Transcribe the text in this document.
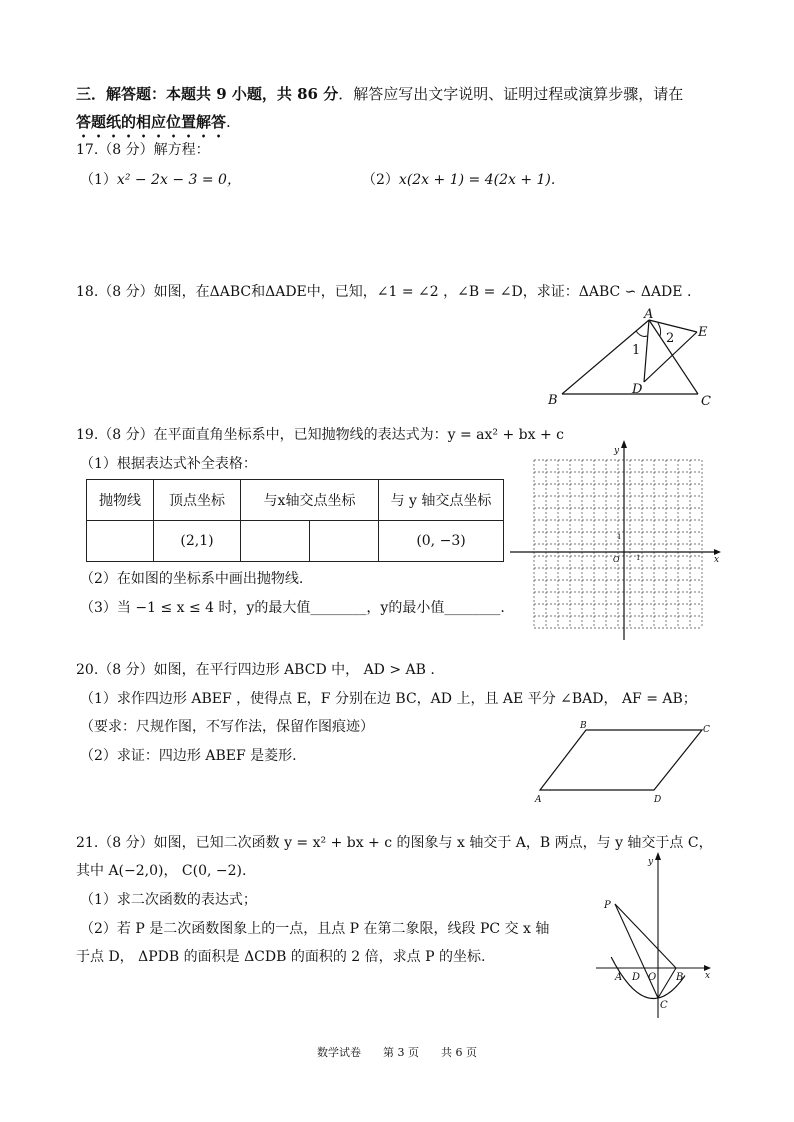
三．解答题：本题共 9 小题，共 86 分．解答应写出文字说明、证明过程或演算步骤，请在
答题纸的相应位置解答.
17.（8 分）解方程：
（1）x² − 2x − 3 = 0，	（2）x(2x + 1) = 4(2x + 1).
18.（8 分）如图，在ΔABC和ΔADE中，已知，∠1 = ∠2 ，∠B = ∠D，求证：ΔABC ∽ ΔADE .
A
B	C
D
E
1
2
19.（8 分）在平面直角坐标系中，已知抛物线的表达式为：y = ax² + bx + c
（1）根据表达式补全表格：
抛物线	顶点坐标	与x轴交点坐标		与 y 轴交点坐标
	(2,1)			(0, −3)
（2）在如图的坐标系中画出抛物线.
（3）当 −1 ≤ x ≤ 4 时，y的最大值________，y的最小值________.
x
y
O 1
1
20.（8 分）如图，在平行四边形 ABCD 中， AD > AB .
（1）求作四边形 ABEF ，使得点 E，F 分别在边 BC，AD 上，且 AE 平分 ∠BAD， AF = AB；
（要求：尺规作图，不写作法，保留作图痕迹）
（2）求证：四边形 ABEF 是菱形.
A
B	C
D
21.（8 分）如图，已知二次函数 y = x² + bx + c 的图象与 x 轴交于 A，B 两点，与 y 轴交于点 C，
其中 A(−2,0)， C(0, −2).
（1）求二次函数的表达式；
（2）若 P 是二次函数图象上的一点，且点 P 在第二象限，线段 PC 交 x 轴
于点 D， ΔPDB 的面积是 ΔCDB 的面积的 2 倍，求点 P 的坐标.
P
A D O B
C
x
y
数学试卷　　第 3 页　　共 6 页
